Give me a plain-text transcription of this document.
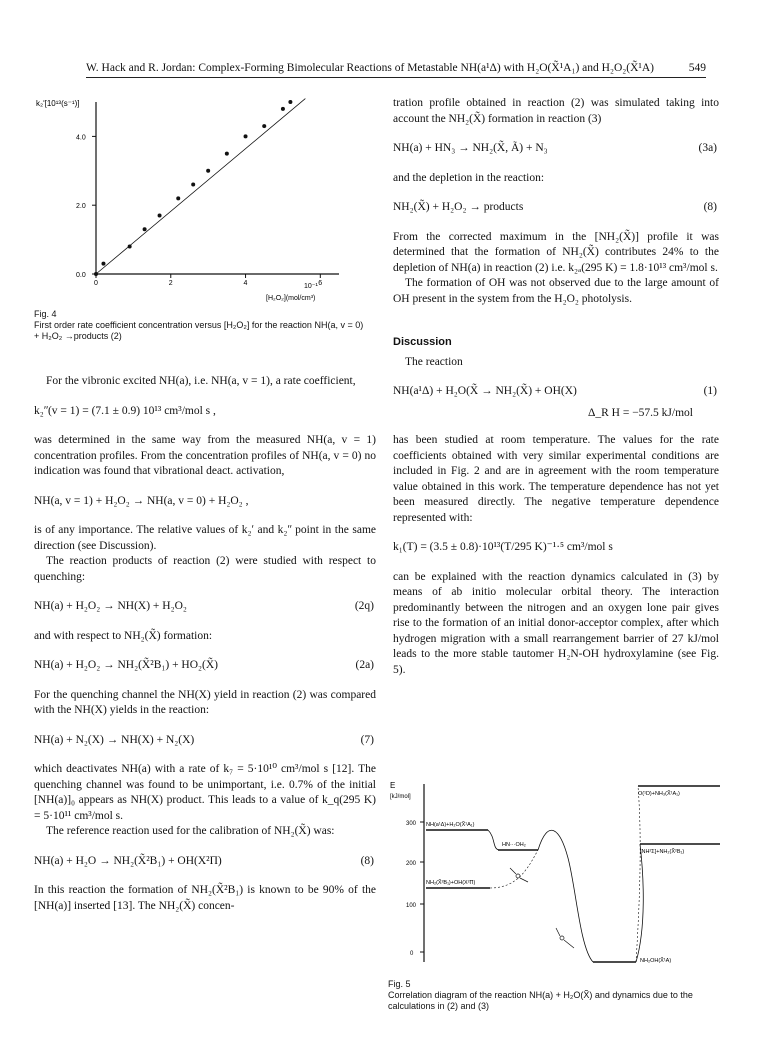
W. Hack and R. Jordan: Complex-Forming Bimolecular Reactions of Metastable NH(a¹Δ) with H₂O(X̃¹A₁) and H₂O₂(X̃¹A)	549
k₂ʹ[10¹³(s⁻¹)]
10⁻¹
[H₂O₂](mol/cm³)
0.0
2.0
4.0
0	2	4	6
Fig. 4
First order rate coefficient concentration versus [H₂O₂] for the reaction NH(a, v = 0) + H₂O₂ →products (2)

For the vibronic excited NH(a), i.e. NH(a, v = 1), a rate coefficient,

k₂ʺ(v = 1) = (7.1 ± 0.9) 10¹³ cm³/mol s ,

was determined in the same way from the measured NH(a, v = 1) concentration profiles. From the concentration profiles of NH(a, v = 0) no indication was found that vibrational deact. activation,

NH(a, v = 1) + H₂O₂ → NH(a, v = 0) + H₂O₂ ,

is of any importance. The relative values of k₂ʹ and k₂ʺ point in the same direction (see Discussion).

The reaction products of reaction (2) were studied with respect to quenching:

NH(a) + H₂O₂ → NH(X) + H₂O₂	(2q)

and with respect to NH₂(X̃) formation:

NH(a) + H₂O₂ → NH₂(X̃²B₁) + HO₂(X̃)	(2a)

For the quenching channel the NH(X) yield in reaction (2) was compared with the NH(X) yields in the reaction:

NH(a) + N₂(X) → NH(X) + N₂(X)	(7)

which deactivates NH(a) with a rate of k₇ = 5·10¹⁰ cm³/mol s [12]. The quenching channel was found to be unimportant, i.e. 0.7% of the initial [NH(a)]₀ appears as NH(X) product. This leads to a value of k_q(295 K) = 5·10¹¹ cm³/mol s.

The reference reaction used for the calibration of NH₂(X̃) was:

NH(a) + H₂O → NH₂(X̃²B₁) + OH(X²Π)	(8)

In this reaction the formation of NH₂(X̃²B₁) is known to be 90% of the [NH(a)] inserted [13]. The NH₂(X̃) concen-

tration profile obtained in reaction (2) was simulated taking into account the NH₂(X̃) formation in reaction (3)

NH(a) + HN₃ → NH₂(X̃, Ã) + N₃	(3a)

and the depletion in the reaction:

NH₂(X̃) + H₂O₂ → products	(8)

From the corrected maximum in the [NH₂(X̃)] profile it was determined that the formation of NH₂(X̃) contributes 24% to the depletion of NH(a) in reaction (2) i.e. k₂ₐ(295 K) = 1.8·10¹³ cm³/mol s.

The formation of OH was not observed due to the large amount of OH present in the system from the H₂O₂ photolysis.

Discussion

The reaction

NH(a¹Δ) + H₂O(X̃ → NH₂(X̃) + OH(X)	(1)
Δ_R H = −57.5 kJ/mol

has been studied at room temperature. The values for the rate coefficients obtained with very similar experimental conditions are included in Fig. 2 and are in agreement with the room temperature value obtained in this work. The temperature dependence has not yet been measured directly. The negative temperature dependence represented with:

k₁(T) = (3.5 ± 0.8)·10¹³(T/295 K)⁻¹·⁵ cm³/mol s

can be explained with the reaction dynamics calculated in (3) by means of ab initio molecular orbital theory. The interaction predominantly between the nitrogen and an oxygen lone pair gives rise to the formation of an initial donor-acceptor complex, after which hydrogen migration with a small rearrangement barrier of 27 kJ/mol leads to the more stable tautomer H₂N-OH hydroxylamine (see Fig. 5).

E
[kJ/mol]
0
100
200
300 NH(a¹Δ)+H₂O(X̃¹A₁)
HN···OH₂
NH₂(X̃²B₁)+OH(X²Π)
O(¹D)+NH₃(X̃¹A₁)
[NH²Σ]+NH₂(X̃²B₁)
NH₂OH(X̃¹A)
Fig. 5
Correlation diagram of the reaction NH(a) + H₂O(X̃) and dynamics due to the calculations in (2) and (3)
